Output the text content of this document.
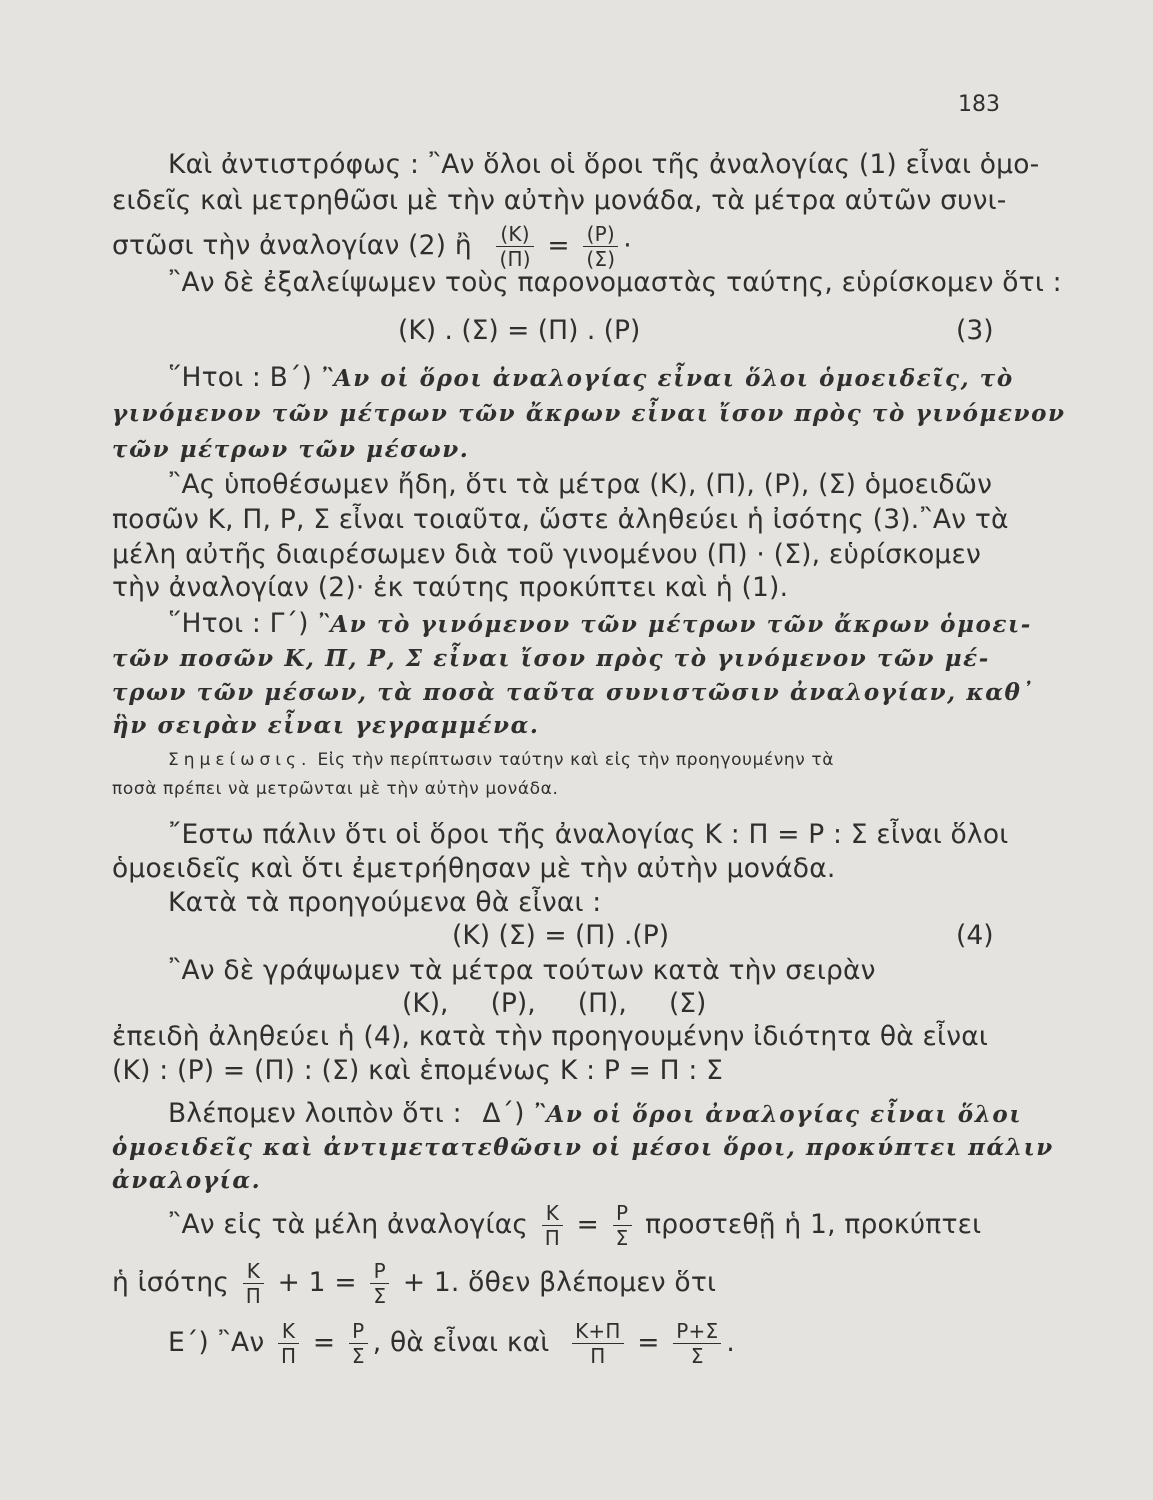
183
Καὶ ἀντιστρόφως : ῍Αν ὅλοι οἱ ὅροι τῆς ἀναλογίας (1) εἶναι ὁμο-
ειδεῖς καὶ μετρηθῶσι μὲ τὴν αὐτὴν μονάδα, τὰ μέτρα αὐτῶν συνι-
στῶσι τὴν ἀναλογίαν (2) ἢ $\frac{(K)}{(\Pi)} = \frac{(P)}{(\Sigma)}$ ·
῍Αν δὲ ἐξαλείψωμεν τοὺς παρονομαστὰς ταύτης, εὑρίσκομεν ὅτι :
(Κ) . (Σ) = (Π) . (Ρ)	(3)
῞Ητοι : Β΄) ῍Αν οἱ ὅροι ἀναλογίας εἶναι ὅλοι ὁμοειδεῖς, τὸ
γινόμενον τῶν μέτρων τῶν ἄκρων εἶναι ἴσον πρὸς τὸ γινόμενον
τῶν μέτρων τῶν μέσων.
῍Ας ὑποθέσωμεν ἤδη, ὅτι τὰ μέτρα (Κ), (Π), (Ρ), (Σ) ὁμοειδῶν
ποσῶν Κ, Π, Ρ, Σ εἶναι τοιαῦτα, ὥστε ἀληθεύει ἡ ἰσότης (3).῍Αν τὰ
μέλη αὐτῆς διαιρέσωμεν διὰ τοῦ γινομένου (Π) · (Σ), εὑρίσκομεν
τὴν ἀναλογίαν (2)· ἐκ ταύτης προκύπτει καὶ ἡ (1).
῞Ητοι : Γ΄) ῍Αν τὸ γινόμενον τῶν μέτρων τῶν ἄκρων ὁμοει-
τῶν ποσῶν Κ, Π, Ρ, Σ εἶναι ἴσον πρὸς τὸ γινόμενον τῶν μέ-
τρων τῶν μέσων, τὰ ποσὰ ταῦτα συνιστῶσιν ἀναλογίαν, καθ᾿
ἣν σειρὰν εἶναι γεγραμμένα.
Σημείωσις. Εἰς τὴν περίπτωσιν ταύτην καὶ εἰς τὴν προηγουμένην τὰ
ποσὰ πρέπει νὰ μετρῶνται μὲ τὴν αὐτὴν μονάδα.
῎Εστω πάλιν ὅτι οἱ ὅροι τῆς ἀναλογίας Κ : Π = Ρ : Σ εἶναι ὅλοι
ὁμοειδεῖς καὶ ὅτι ἐμετρήθησαν μὲ τὴν αὐτὴν μονάδα.
Κατὰ τὰ προηγούμενα θὰ εἶναι :
(Κ) (Σ) = (Π) .(Ρ)	(4)
῍Αν δὲ γράψωμεν τὰ μέτρα τούτων κατὰ τὴν σειρὰν
(Κ),     (Ρ),     (Π),     (Σ)
ἐπειδὴ ἀληθεύει ἡ (4), κατὰ τὴν προηγουμένην ἰδιότητα θὰ εἶναι
(Κ) : (Ρ) = (Π) : (Σ) καὶ ἑπομένως Κ : Ρ = Π : Σ
Βλέπομεν λοιπὸν ὅτι : Δ΄) ῍Αν οἱ ὅροι ἀναλογίας εἶναι ὅλοι
ὁμοειδεῖς καὶ ἀντιμετατεθῶσιν οἱ μέσοι ὅροι, προκύπτει πάλιν
ἀναλογία.
῍Αν εἰς τὰ μέλη ἀναλογίας $\frac{K}{\Pi} = \frac{P}{\Sigma}$ προστεθῇ ἡ 1, προκύπτει
ἡ ἰσότης $\frac{K}{\Pi} + 1 = \frac{P}{\Sigma} + 1$. ὅθεν βλέπομεν ὅτι
Ε΄) ῍Αν $\frac{K}{\Pi} = \frac{P}{\Sigma}$ , θὰ εἶναι καὶ $\frac{K+\Pi}{\Pi} = \frac{P+\Sigma}{\Sigma}$ .
